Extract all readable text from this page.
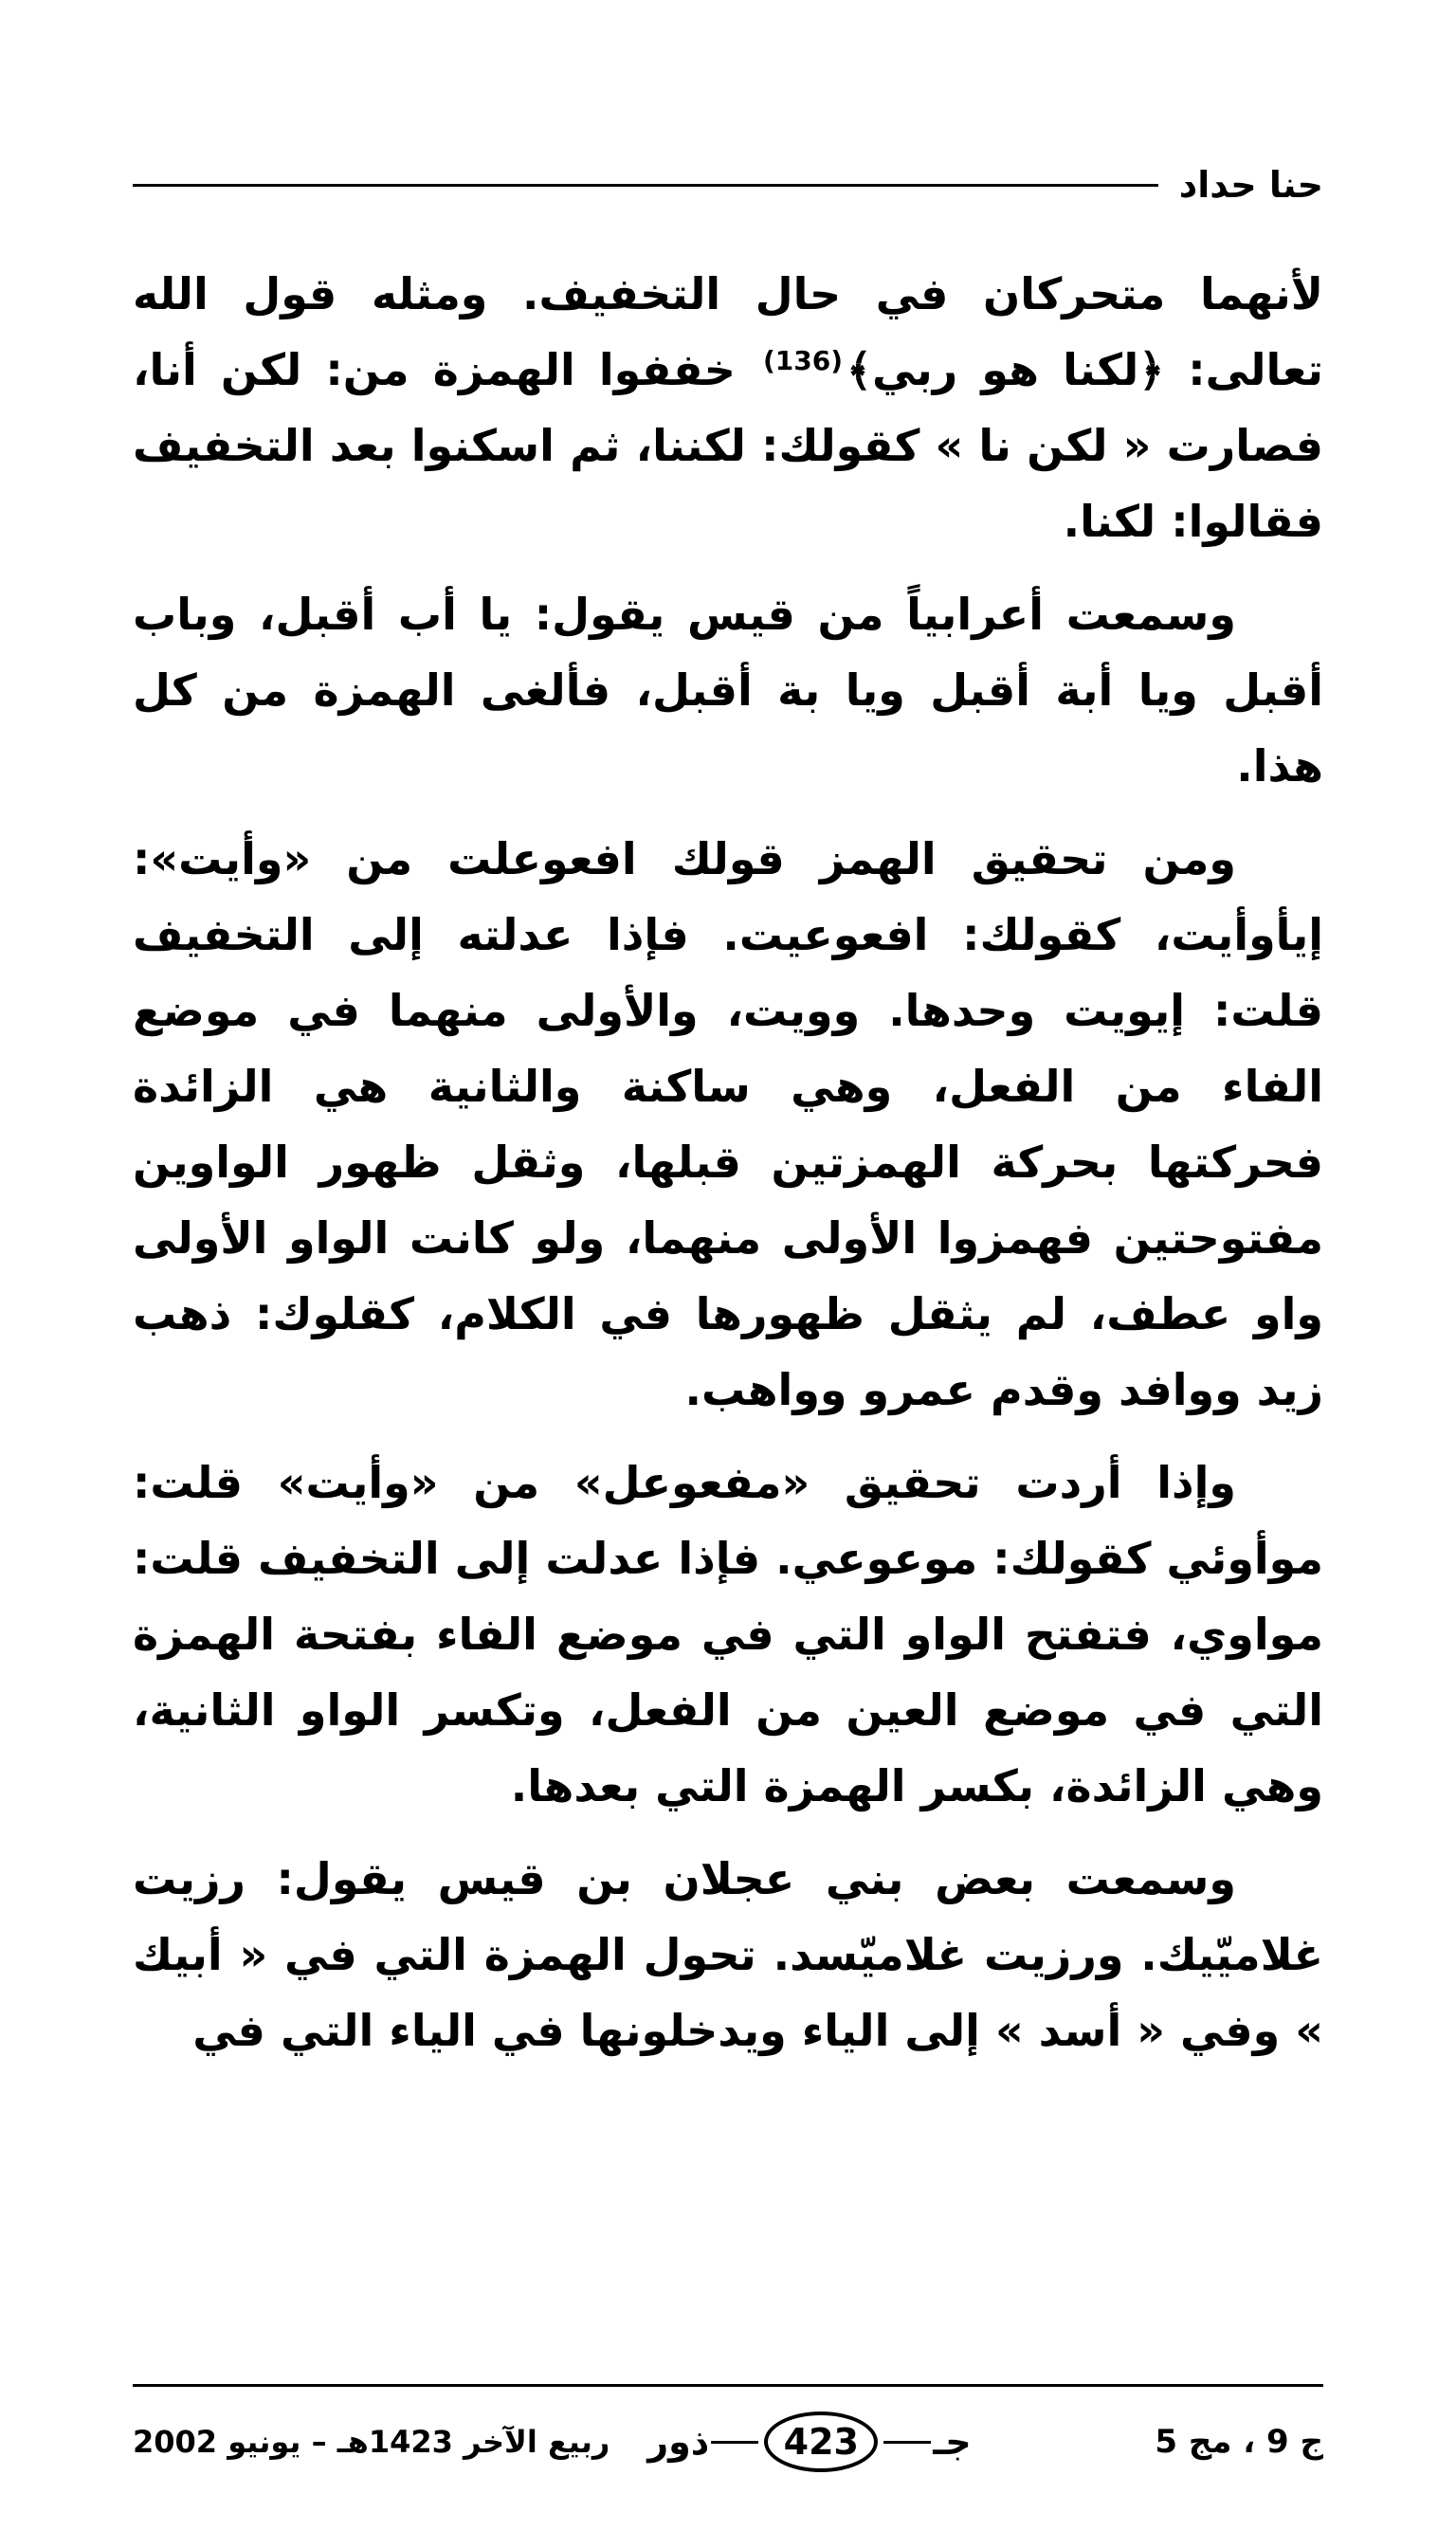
حنا حداد

لأنهما متحركان في حال التخفيف. ومثله قول الله تعالى: ﴿لكنا هو ربي﴾$^{(136)}$ خففوا الهمزة من: لكن أنا، فصارت « لكن نا » كقولك: لكننا، ثم اسكنوا بعد التخفيف فقالوا: لكنا.

وسمعت أعرابياً من قيس يقول: يا أب أقبل، وباب أقبل ويا أبة أقبل ويا بة أقبل، فألغى الهمزة من كل هذا.

ومن تحقيق الهمز قولك افعوعلت من «وأيت»: إيأوأيت، كقولك: افعوعيت. فإذا عدلته إلى التخفيف قلت: إيويت وحدها. وويت، والأولى منهما في موضع الفاء من الفعل، وهي ساكنة والثانية هي الزائدة فحركتها بحركة الهمزتين قبلها، وثقل ظهور الواوين مفتوحتين فهمزوا الأولى منهما، ولو كانت الواو الأولى واو عطف، لم يثقل ظهورها في الكلام، كقلوك: ذهب زيد ووافد وقدم عمرو وواهب.

وإذا أردت تحقيق «مفعوعل» من «وأيت» قلت: موأوئي كقولك: موعوعي. فإذا عدلت إلى التخفيف قلت: مواوي، فتفتح الواو التي في موضع الفاء بفتحة الهمزة التي في موضع العين من الفعل، وتكسر الواو الثانية، وهي الزائدة، بكسر الهمزة التي بعدها.

وسمعت بعض بني عجلان بن قيس يقول: رزيت غلاميّيك. ورزيت غلاميّسد. تحول الهمزة التي في « أبيك » وفي « أسد » إلى الياء ويدخلونها في الياء التي في

ج 9 ، مج 5
جـ
423
ذور
ربيع الآخر 1423هـ – يونيو 2002
